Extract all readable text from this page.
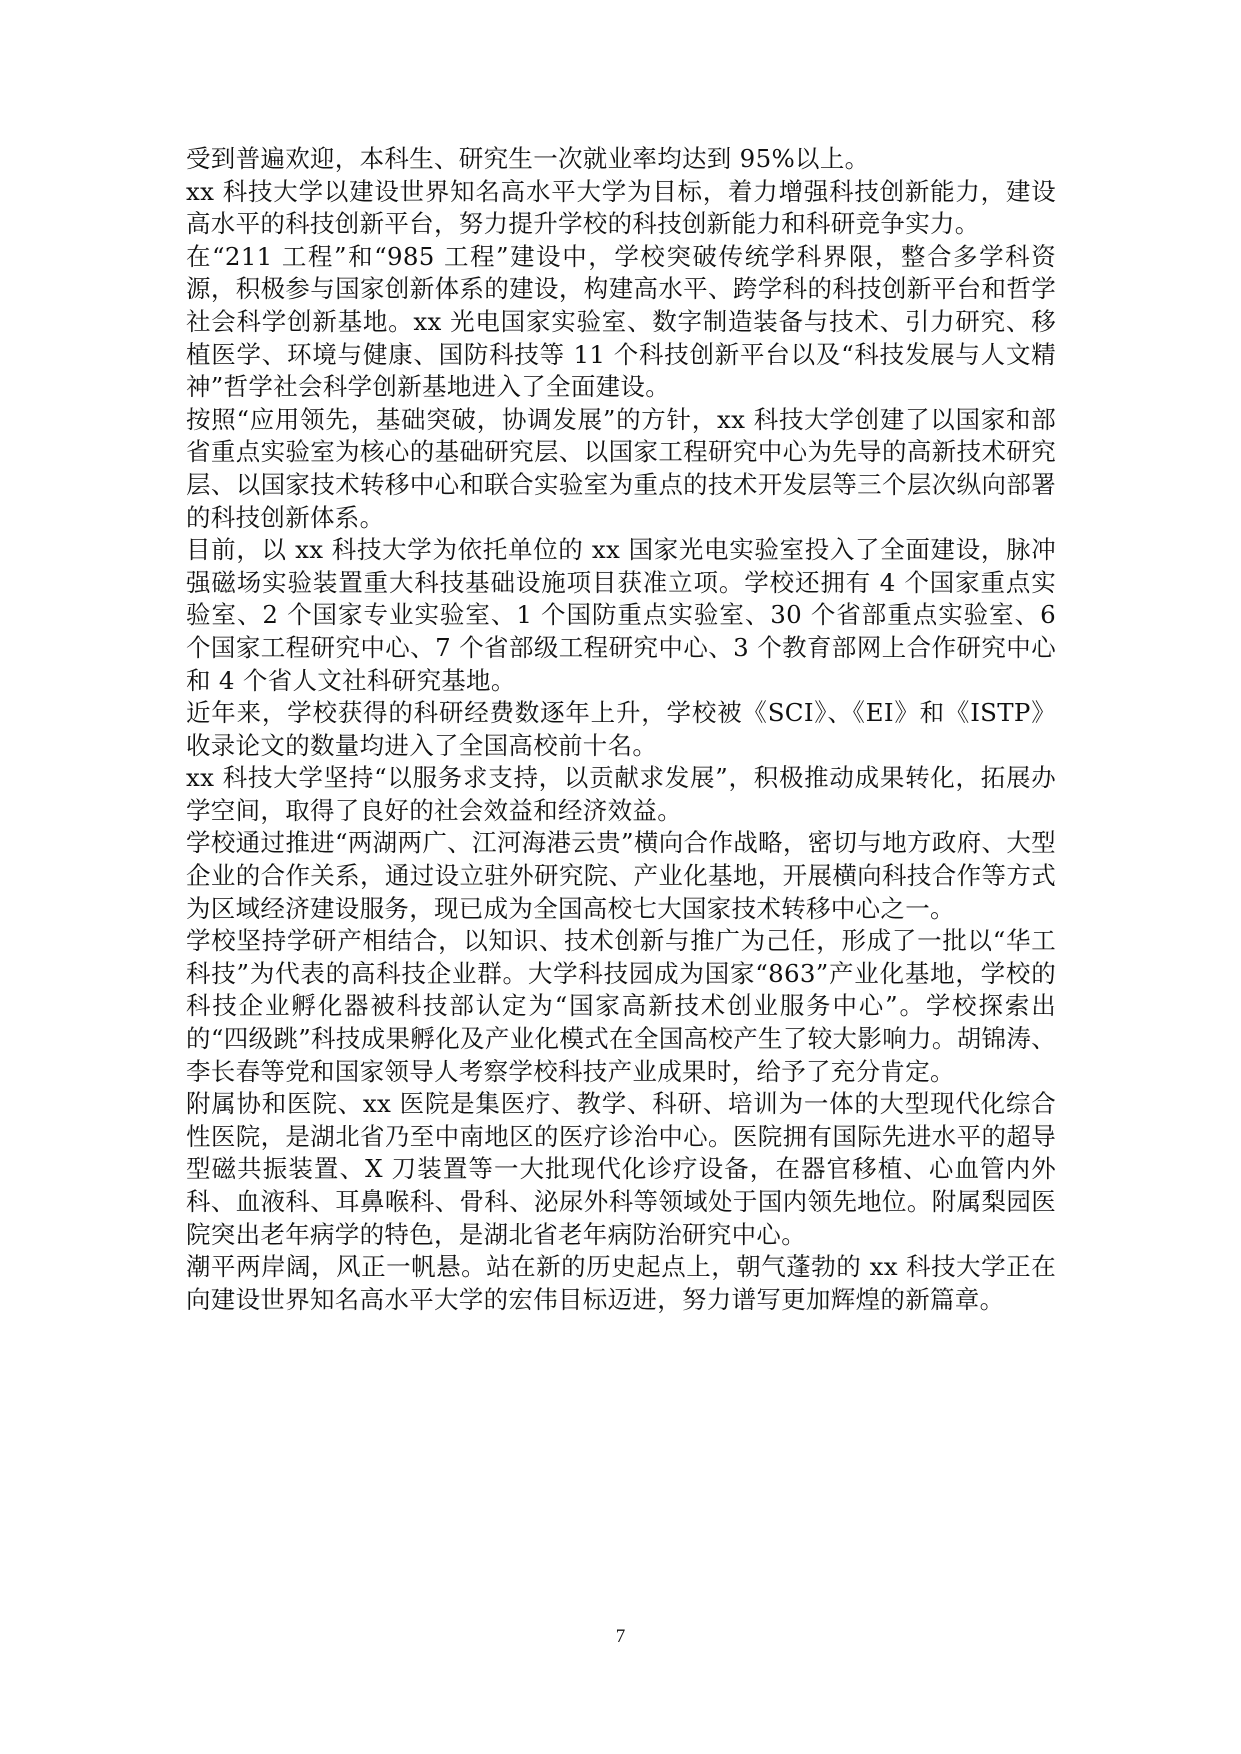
受到普遍欢迎，本科生、研究生一次就业率均达到 95%以上。

xx 科技大学以建设世界知名高水平大学为目标，着力增强科技创新能力，建设高水平的科技创新平台，努力提升学校的科技创新能力和科研竞争实力。

在“211 工程”和“985 工程”建设中，学校突破传统学科界限，整合多学科资源，积极参与国家创新体系的建设，构建高水平、跨学科的科技创新平台和哲学社会科学创新基地。xx 光电国家实验室、数字制造装备与技术、引力研究、移植医学、环境与健康、国防科技等 11 个科技创新平台以及“科技发展与人文精神”哲学社会科学创新基地进入了全面建设。

按照“应用领先，基础突破，协调发展”的方针，xx 科技大学创建了以国家和部省重点实验室为核心的基础研究层、以国家工程研究中心为先导的高新技术研究层、以国家技术转移中心和联合实验室为重点的技术开发层等三个层次纵向部署的科技创新体系。

目前，以 xx 科技大学为依托单位的 xx 国家光电实验室投入了全面建设，脉冲强磁场实验装置重大科技基础设施项目获准立项。学校还拥有 4 个国家重点实验室、2 个国家专业实验室、1 个国防重点实验室、30 个省部重点实验室、6 个国家工程研究中心、7 个省部级工程研究中心、3 个教育部网上合作研究中心和 4 个省人文社科研究基地。

近年来，学校获得的科研经费数逐年上升，学校被《SCI》、《EI》和《ISTP》收录论文的数量均进入了全国高校前十名。

xx 科技大学坚持“以服务求支持，以贡献求发展”，积极推动成果转化，拓展办学空间，取得了良好的社会效益和经济效益。

学校通过推进“两湖两广、江河海港云贵”横向合作战略，密切与地方政府、大型企业的合作关系，通过设立驻外研究院、产业化基地，开展横向科技合作等方式为区域经济建设服务，现已成为全国高校七大国家技术转移中心之一。

学校坚持学研产相结合，以知识、技术创新与推广为己任，形成了一批以“华工科技”为代表的高科技企业群。大学科技园成为国家“863”产业化基地，学校的科技企业孵化器被科技部认定为“国家高新技术创业服务中心”。学校探索出的“四级跳”科技成果孵化及产业化模式在全国高校产生了较大影响力。胡锦涛、李长春等党和国家领导人考察学校科技产业成果时，给予了充分肯定。

附属协和医院、xx 医院是集医疗、教学、科研、培训为一体的大型现代化综合性医院，是湖北省乃至中南地区的医疗诊治中心。医院拥有国际先进水平的超导型磁共振装置、X 刀装置等一大批现代化诊疗设备，在器官移植、心血管内外科、血液科、耳鼻喉科、骨科、泌尿外科等领域处于国内领先地位。附属梨园医院突出老年病学的特色，是湖北省老年病防治研究中心。

潮平两岸阔，风正一帆悬。站在新的历史起点上，朝气蓬勃的 xx 科技大学正在向建设世界知名高水平大学的宏伟目标迈进，努力谱写更加辉煌的新篇章。

7
